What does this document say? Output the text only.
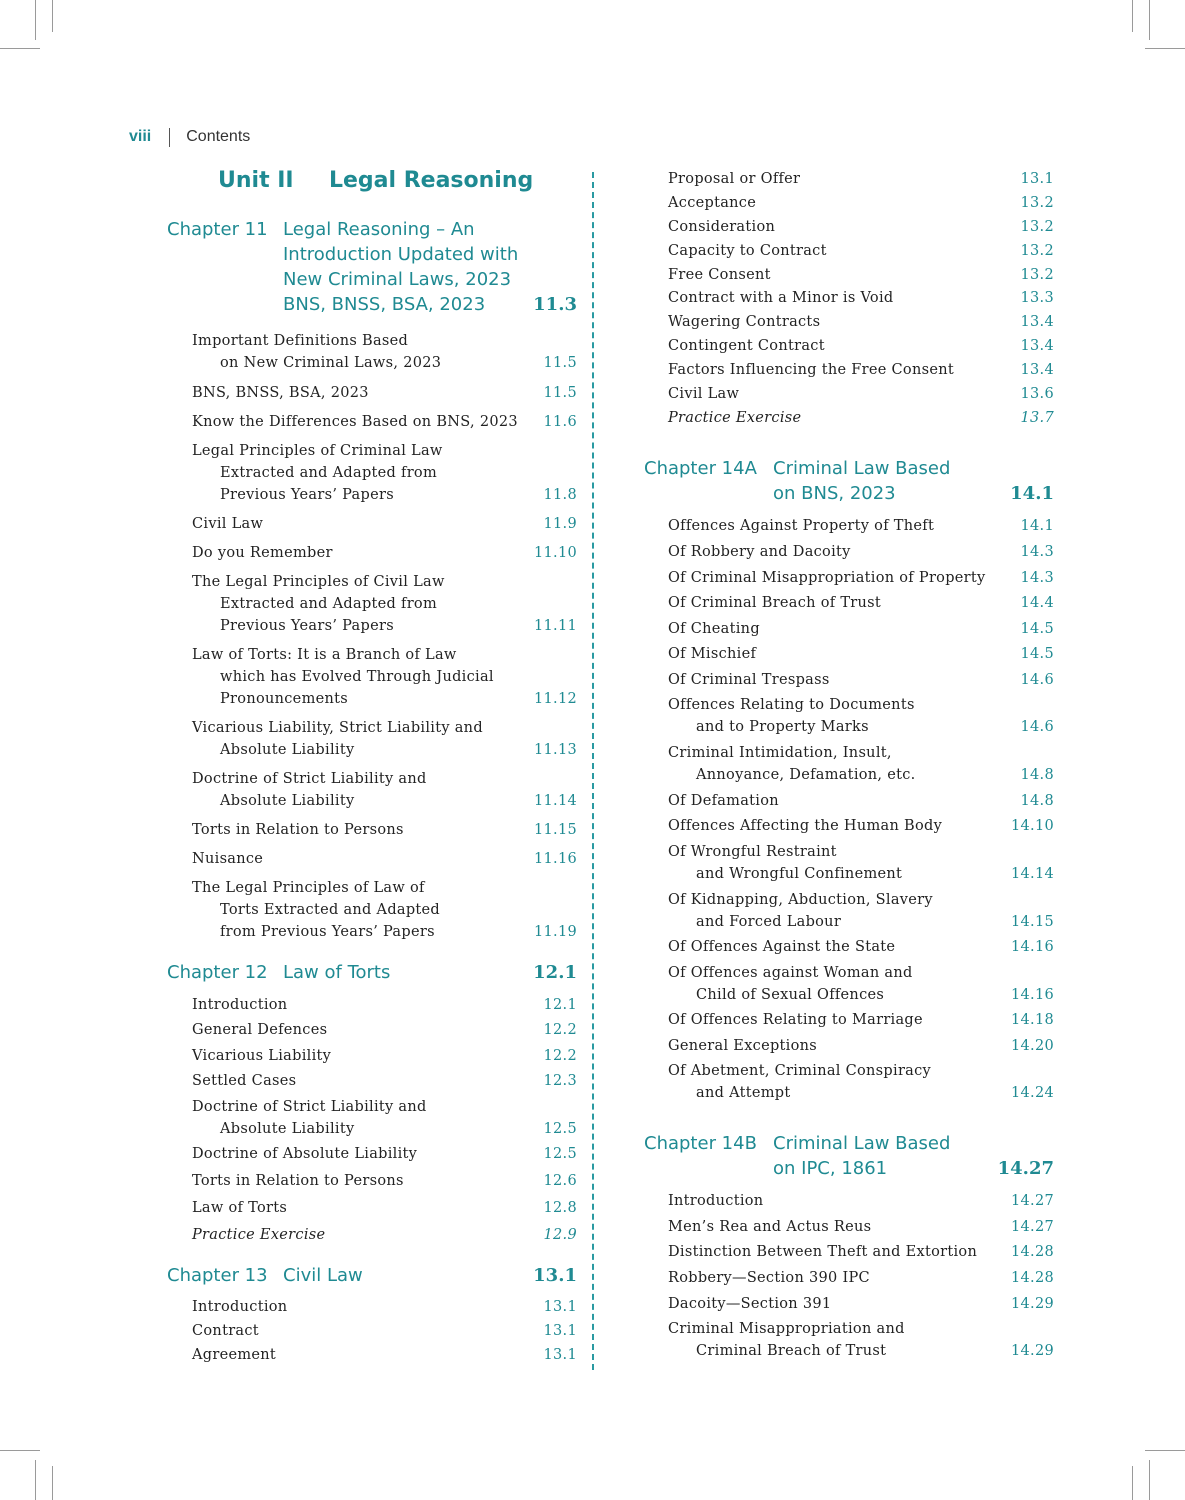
viii Contents
Unit II Legal Reasoning
Chapter 11 Legal Reasoning – An
Introduction Updated with
New Criminal Laws, 2023
BNS, BNSS, BSA, 2023	11.3
Important Definitions Based
on New Criminal Laws, 2023	11.5
BNS, BNSS, BSA, 2023	11.5
Know the Differences Based on BNS, 2023	11.6
Legal Principles of Criminal Law
Extracted and Adapted from
Previous Years’ Papers	11.8
Civil Law	11.9
Do you Remember	11.10
The Legal Principles of Civil Law
Extracted and Adapted from
Previous Years’ Papers	11.11
Law of Torts: It is a Branch of Law
which has Evolved Through Judicial
Pronouncements	11.12
Vicarious Liability, Strict Liability and
Absolute Liability	11.13
Doctrine of Strict Liability and
Absolute Liability	11.14
Torts in Relation to Persons	11.15
Nuisance	11.16
The Legal Principles of Law of
Torts Extracted and Adapted
from Previous Years’ Papers	11.19
Chapter 12 Law of Torts	12.1
Introduction	12.1
General Defences	12.2
Vicarious Liability	12.2
Settled Cases	12.3
Doctrine of Strict Liability and
Absolute Liability	12.5
Doctrine of Absolute Liability	12.5
Torts in Relation to Persons	12.6
Law of Torts	12.8
Practice Exercise	12.9
Chapter 13 Civil Law	13.1
Introduction	13.1
Contract	13.1
Agreement	13.1
Proposal or Offer	13.1
Acceptance	13.2
Consideration	13.2
Capacity to Contract	13.2
Free Consent	13.2
Contract with a Minor is Void	13.3
Wagering Contracts	13.4
Contingent Contract	13.4
Factors Influencing the Free Consent	13.4
Civil Law	13.6
Practice Exercise	13.7
Chapter 14A Criminal Law Based
on BNS, 2023	14.1
Offences Against Property of Theft	14.1
Of Robbery and Dacoity	14.3
Of Criminal Misappropriation of Property	14.3
Of Criminal Breach of Trust	14.4
Of Cheating	14.5
Of Mischief	14.5
Of Criminal Trespass	14.6
Offences Relating to Documents
and to Property Marks	14.6
Criminal Intimidation, Insult,
Annoyance, Defamation, etc.	14.8
Of Defamation	14.8
Offences Affecting the Human Body	14.10
Of Wrongful Restraint
and Wrongful Confinement	14.14
Of Kidnapping, Abduction, Slavery
and Forced Labour	14.15
Of Offences Against the State	14.16
Of Offences against Woman and
Child of Sexual Offences	14.16
Of Offences Relating to Marriage	14.18
General Exceptions	14.20
Of Abetment, Criminal Conspiracy
and Attempt	14.24
Chapter 14B Criminal Law Based
on IPC, 1861	14.27
Introduction	14.27
Men’s Rea and Actus Reus	14.27
Distinction Between Theft and Extortion	14.28
Robbery—Section 390 IPC	14.28
Dacoity—Section 391	14.29
Criminal Misappropriation and
Criminal Breach of Trust	14.29
